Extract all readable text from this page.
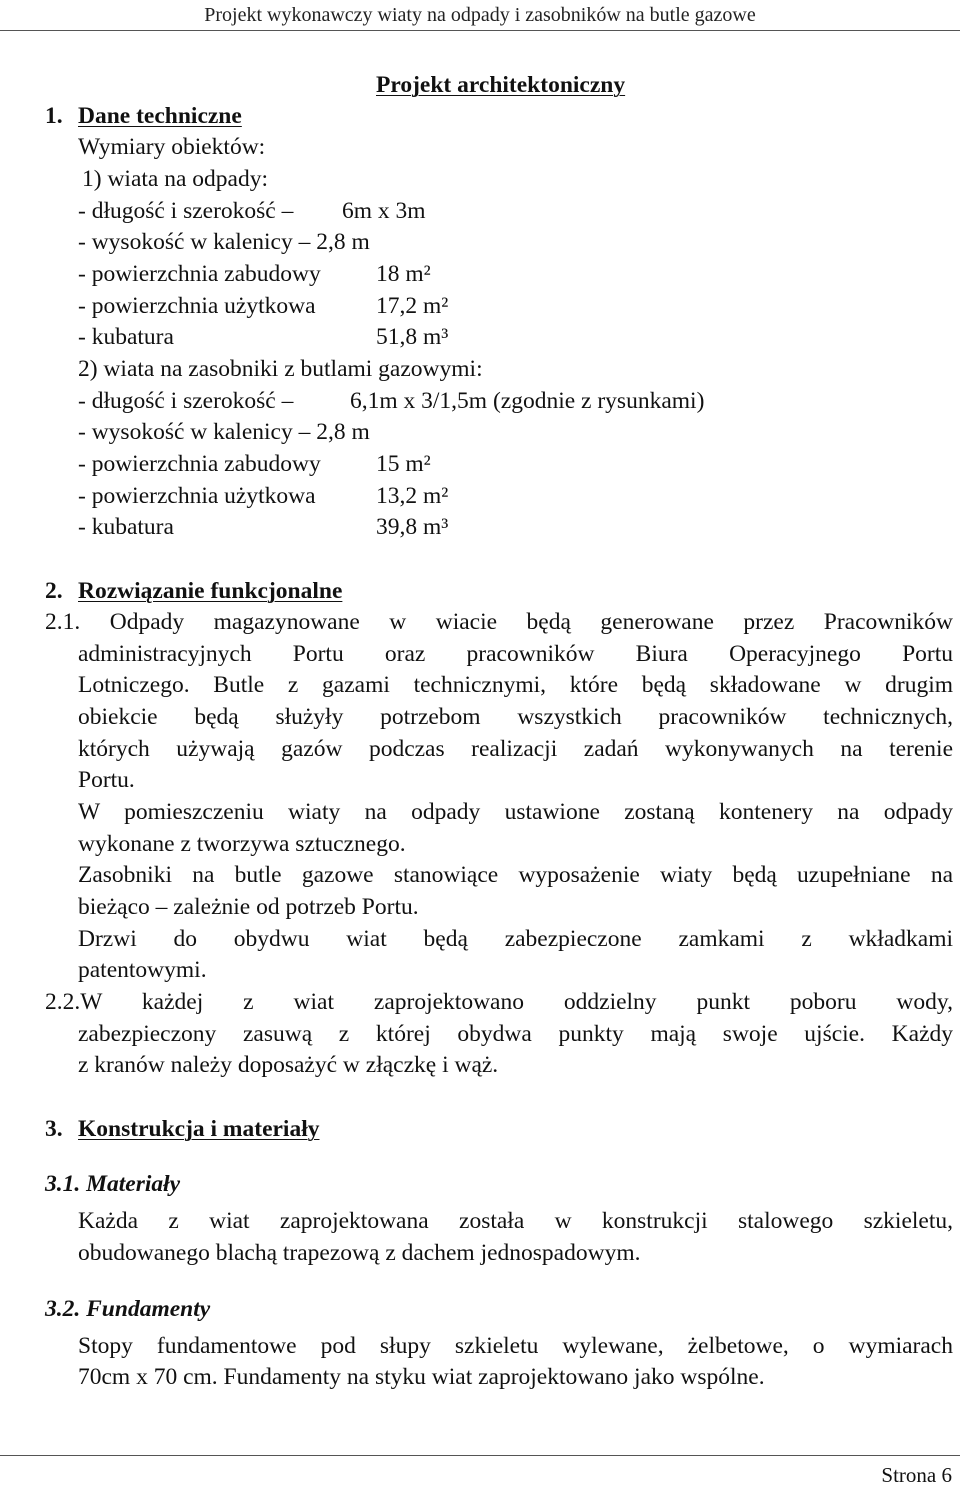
Projekt wykonawczy wiaty na odpady i zasobników na butle gazowe
Projekt architektoniczny
1. Dane techniczne
Wymiary obiektów:
1) wiata na odpady:
- długość i szerokość – 6m x 3m
- wysokość w kalenicy – 2,8 m
- powierzchnia zabudowy 18 m²
- powierzchnia użytkowa	17,2 m²
- kubatura	51,8 m³
2) wiata na zasobniki z butlami gazowymi:
- długość i szerokość – 6,1m x 3/1,5m (zgodnie z rysunkami)
- wysokość w kalenicy – 2,8 m
- powierzchnia zabudowy 15 m²
- powierzchnia użytkowa	13,2 m²
- kubatura	39,8 m³
2. Rozwiązanie funkcjonalne
2.1. Odpady magazynowane w wiacie będą generowane przez Pracowników
administracyjnych Portu oraz pracowników Biura Operacyjnego Portu
Lotniczego. Butle z gazami technicznymi, które będą składowane w drugim
obiekcie będą służyły potrzebom wszystkich pracowników technicznych,
których używają gazów podczas realizacji zadań wykonywanych na terenie
Portu.
W pomieszczeniu wiaty na odpady ustawione zostaną kontenery na odpady
wykonane z tworzywa sztucznego.
Zasobniki na butle gazowe stanowiące wyposażenie wiaty będą uzupełniane na
bieżąco – zależnie od potrzeb Portu.
Drzwi do obydwu wiat będą zabezpieczone zamkami z wkładkami
patentowymi.
2.2.W każdej z wiat zaprojektowano oddzielny punkt poboru wody,
zabezpieczony zasuwą z której obydwa punkty mają swoje ujście. Każdy
z kranów należy doposażyć w złączkę i wąż.
3. Konstrukcja i materiały
3.1. Materiały
Każda z wiat zaprojektowana została w konstrukcji stalowego szkieletu,
obudowanego blachą trapezową z dachem jednospadowym.
3.2. Fundamenty
Stopy fundamentowe pod słupy szkieletu wylewane, żelbetowe, o wymiarach
70cm x 70 cm. Fundamenty na styku wiat zaprojektowano jako wspólne.
Strona 6
